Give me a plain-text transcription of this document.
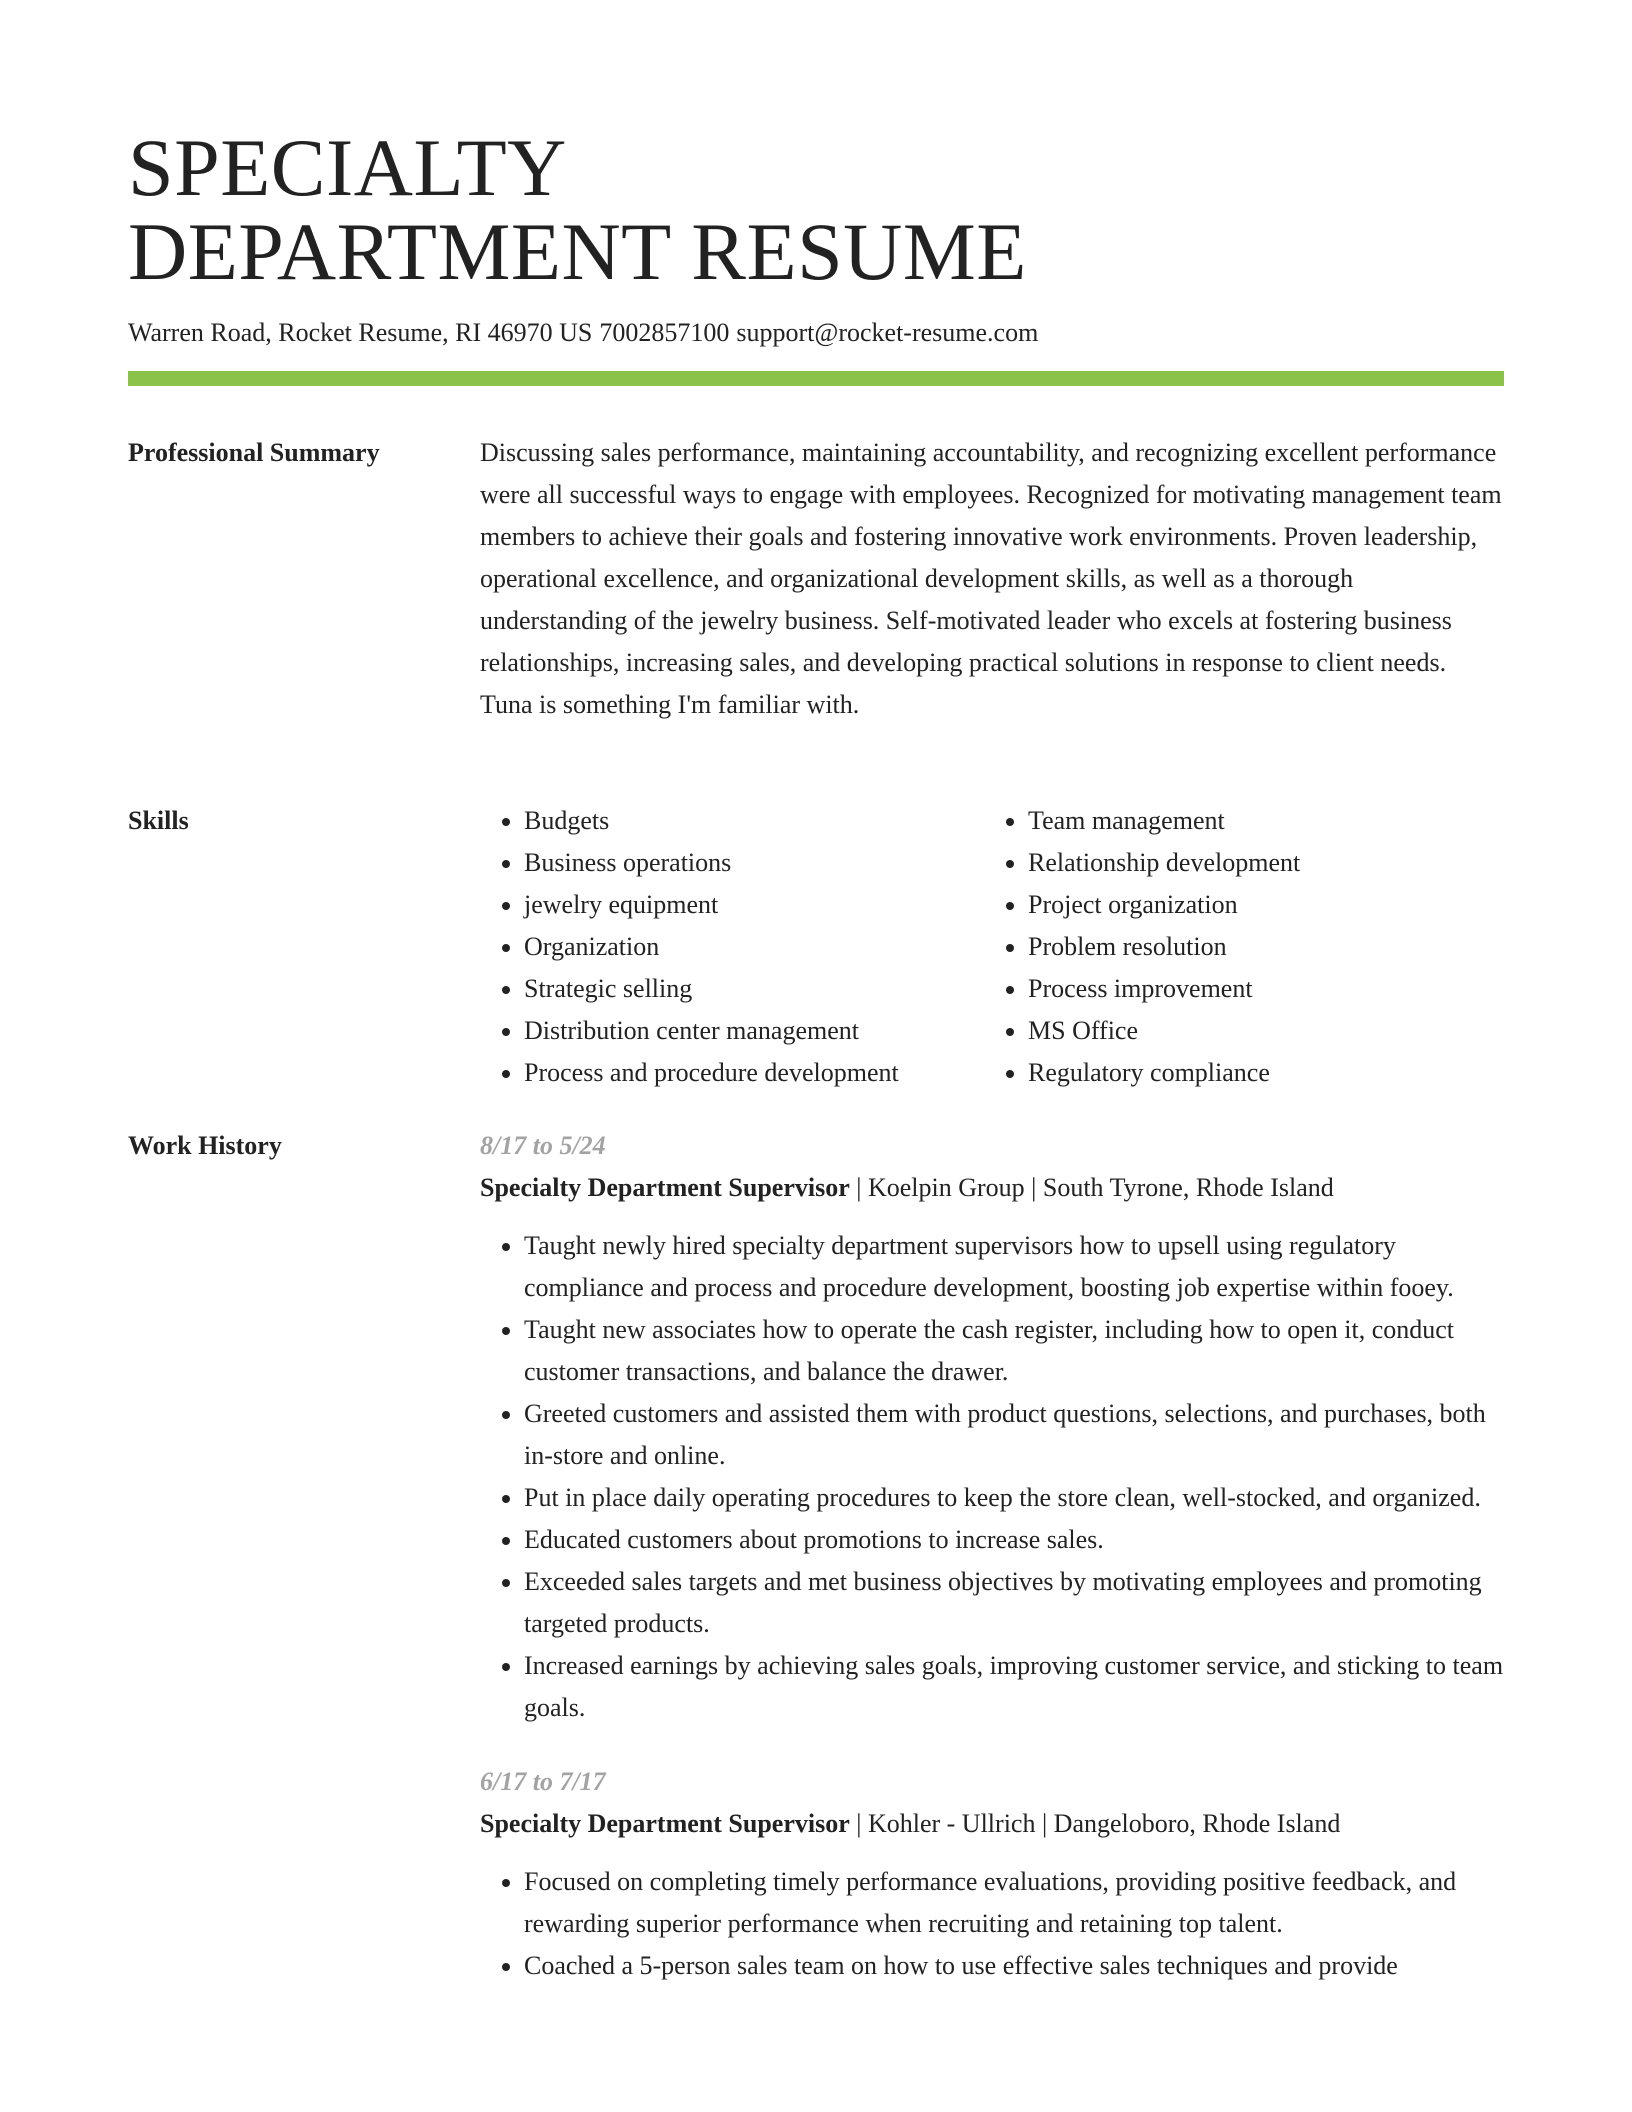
SPECIALTY
DEPARTMENT RESUME
Warren Road, Rocket Resume, RI 46970 US 7002857100 support@rocket-resume.com
Professional Summary	Discussing sales performance, maintaining accountability, and recognizing excellent performance were all successful ways to engage with employees. Recognized for motivating management team members to achieve their goals and fostering innovative work environments. Proven leadership, operational excellence, and organizational development skills, as well as a thorough understanding of the jewelry business. Self-motivated leader who excels at fostering business relationships, increasing sales, and developing practical solutions in response to client needs. Tuna is something I'm familiar with.

Skills
•	Budgets
• Business operations
• jewelry equipment
• Organization
• Strategic selling
• Distribution center management
• Process and procedure development
• Team management
• Relationship development
• Project organization
• Problem resolution
• Process improvement
• MS Office
• Regulatory compliance
Work History	8/17 to 5/24
Specialty Department Supervisor | Koelpin Group | South Tyrone, Rhode Island
• Taught newly hired specialty department supervisors how to upsell using regulatory compliance and process and procedure development, boosting job expertise within fooey.
• Taught new associates how to operate the cash register, including how to open it, conduct customer transactions, and balance the drawer.
• Greeted customers and assisted them with product questions, selections, and purchases, both in-store and online.
• Put in place daily operating procedures to keep the store clean, well-stocked, and organized.
• Educated customers about promotions to increase sales.
• Exceeded sales targets and met business objectives by motivating employees and promoting targeted products.
• Increased earnings by achieving sales goals, improving customer service, and sticking to team goals.
6/17 to 7/17
Specialty Department Supervisor | Kohler - Ullrich | Dangeloboro, Rhode Island
• Focused on completing timely performance evaluations, providing positive feedback, and rewarding superior performance when recruiting and retaining top talent.
• Coached a 5-person sales team on how to use effective sales techniques and provide
